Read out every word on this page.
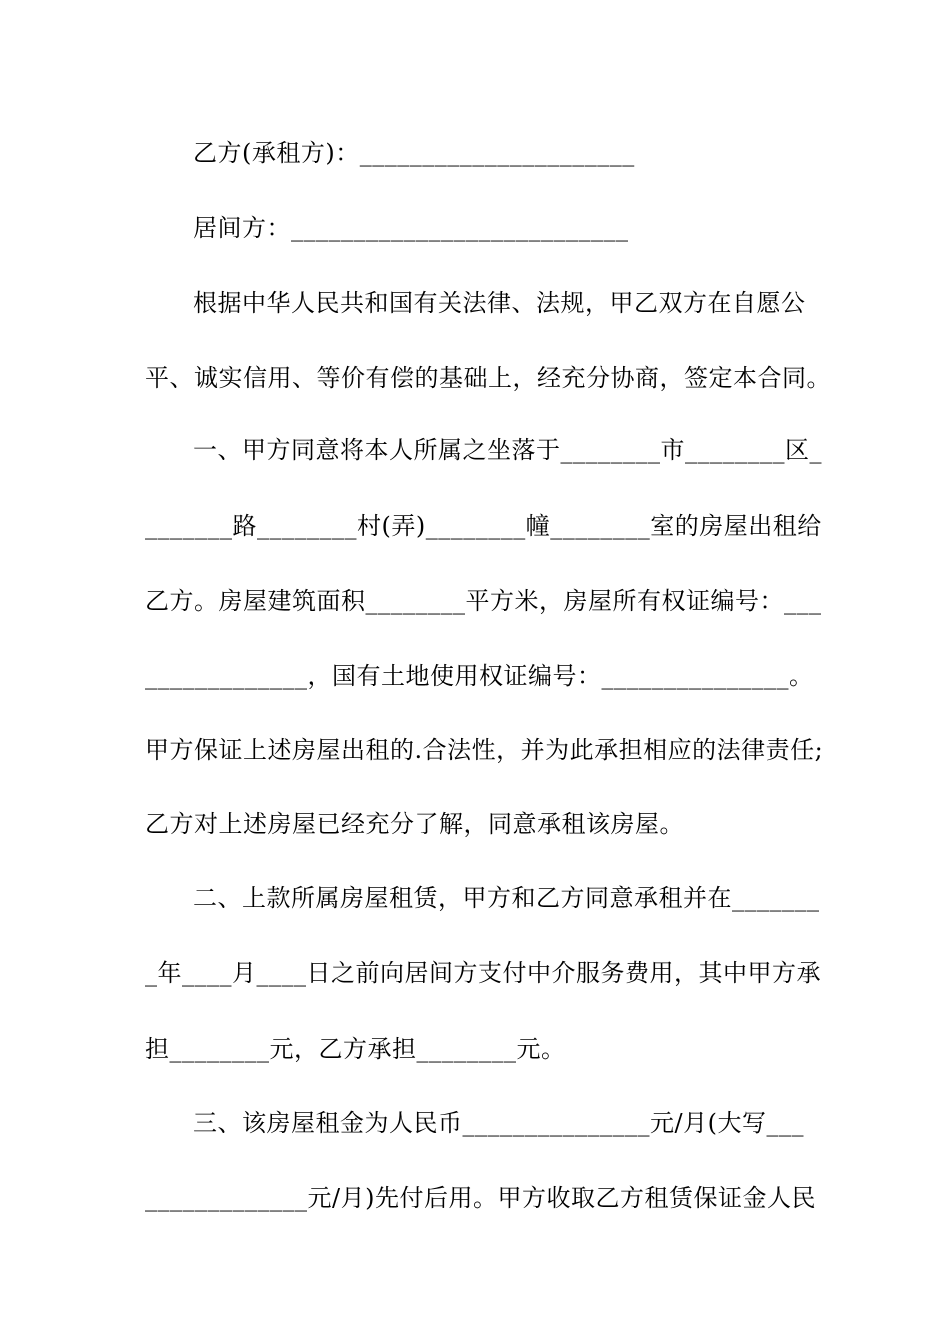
乙方(承租方)：______________________
居间方：___________________________
根据中华人民共和国有关法律、法规，甲乙双方在自愿公
平、诚实信用、等价有偿的基础上，经充分协商，签定本合同。
一、甲方同意将本人所属之坐落于________市________区_
_______路________村(弄)________幢________室的房屋出租给
乙方。房屋建筑面积________平方米，房屋所有权证编号：___
_____________，国有土地使用权证编号：_______________。
甲方保证上述房屋出租的.合法性，并为此承担相应的法律责任;
乙方对上述房屋已经充分了解，同意承租该房屋。
二、上款所属房屋租赁，甲方和乙方同意承租并在_______
_年____月____日之前向居间方支付中介服务费用，其中甲方承
担________元，乙方承担________元。
三、该房屋租金为人民币_______________元/月(大写___
_____________元/月)先付后用。甲方收取乙方租赁保证金人民
